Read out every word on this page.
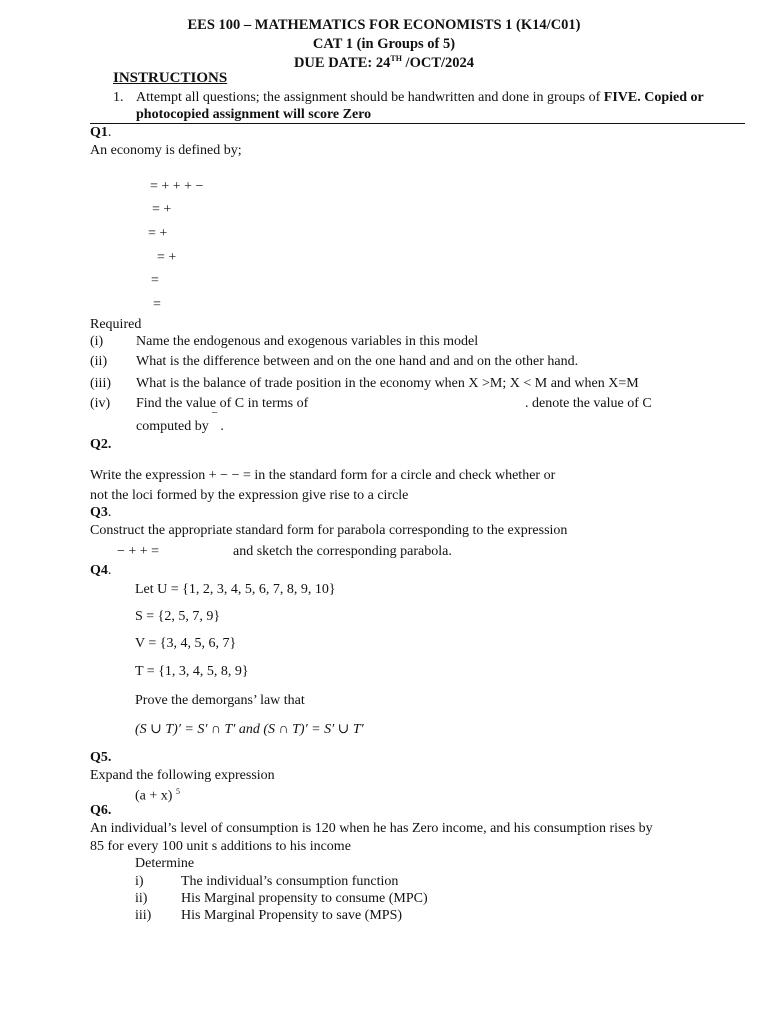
EES 100 – MATHEMATICS FOR ECONOMISTS 1 (K14/C01)
CAT 1 (in Groups of 5)
DUE DATE: 24TH /OCT/2024
INSTRUCTIONS
1. Attempt all questions; the assignment should be handwritten and done in groups of FIVE. Copied or
photocopied assignment will score Zero
Q1.
An economy is defined by;
= + + + −
= +
= +
= +
=
=
Required
(i) Name the endogenous and exogenous variables in this model
(ii) What is the difference between and on the one hand and and on the other hand.
(iii) What is the balance of trade position in the economy when X >M; X < M and when X=M
(iv) Find the value of C in terms of	. denote the value of C
computed by ‾ .
Q2.
Write the expression + − − = in the standard form for a circle and check whether or
not the loci formed by the expression give rise to a circle
Q3.
Construct the appropriate standard form for parabola corresponding to the expression
− + + =	and sketch the corresponding parabola.
Q4.
Let U = {1, 2, 3, 4, 5, 6, 7, 8, 9, 10}
S = {2, 5, 7, 9}
V = {3, 4, 5, 6, 7}
T = {1, 3, 4, 5, 8, 9}
Prove the demorgans’ law that
(S ∪ T)′ = S′ ∩ T′ and (S ∩ T)′ = S′ ∪ T′
Q5.
Expand the following expression
(a + x) $^5$
Q6.
An individual’s level of consumption is 120 when he has Zero income, and his consumption rises by
85 for every 100 unit s additions to his income
Determine
i)	The individual’s consumption function
ii) His Marginal propensity to consume (MPC)
iii) His Marginal Propensity to save (MPS)
